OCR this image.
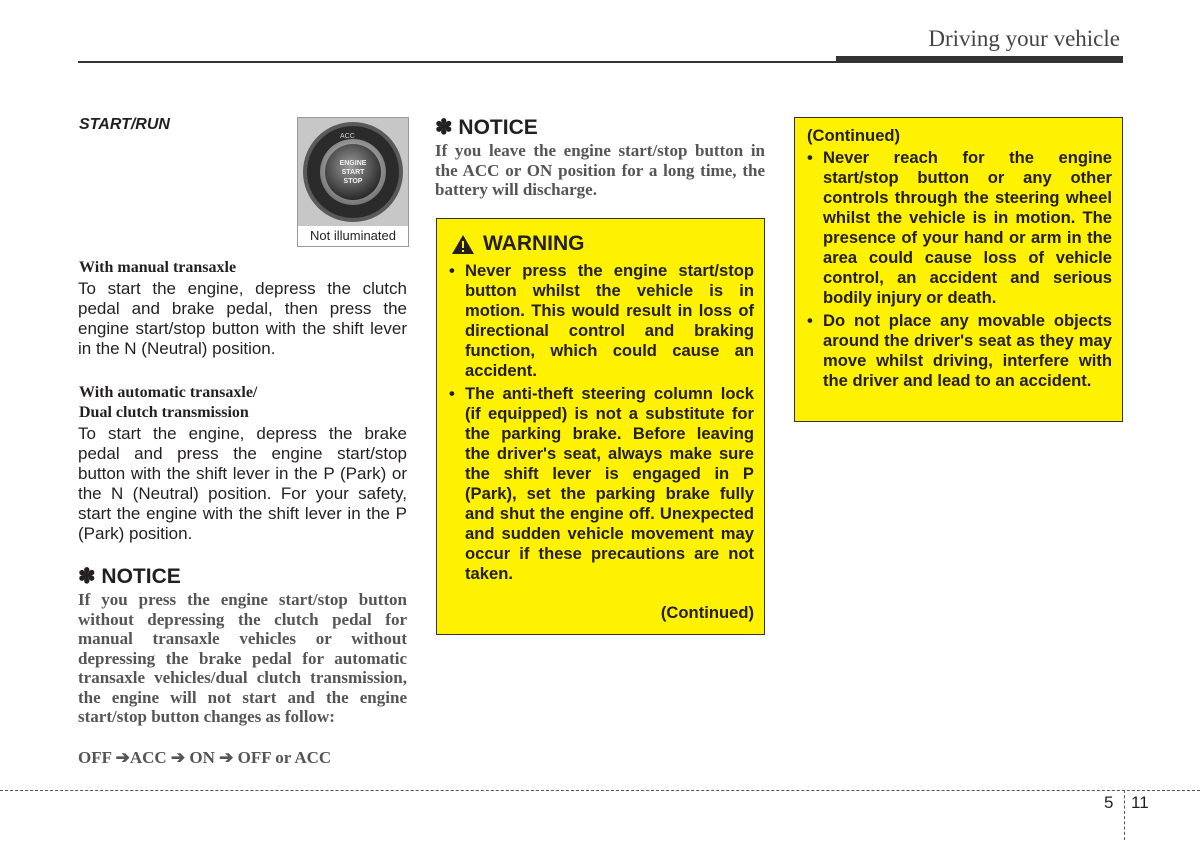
Driving your vehicle
START/RUN
ACC
ENGINE
START
STOP
Not illuminated
With manual transaxle
To start the engine, depress the clutch pedal and brake pedal, then press the engine start/stop button with the shift lever in the N (Neutral) position.
With automatic transaxle/
Dual clutch transmission
To start the engine, depress the brake pedal and press the engine start/stop button with the shift lever in the P (Park) or the N (Neutral) position. For your safety, start the engine with the shift lever in the P (Park) position.
✽ NOTICE
If you press the engine start/stop button without depressing the clutch pedal for manual transaxle vehicles or without depressing the brake pedal for automatic transaxle vehicles/dual clutch transmission, the engine will not start and the engine start/stop button changes as follow:
OFF ➔ACC ➔ ON ➔ OFF or ACC
✽ NOTICE
If you leave the engine start/stop button in the ACC or ON position for a long time, the battery will discharge.
WARNING
• Never press the engine start/stop button whilst the vehicle is in motion. This would result in loss of directional control and braking function, which could cause an accident.
• The anti-theft steering column lock (if equipped) is not a substitute for the parking brake. Before leaving the driver's seat, always make sure the shift lever is engaged in P (Park), set the parking brake fully and shut the engine off. Unexpected and sudden vehicle movement may occur if these precautions are not taken.
(Continued)
(Continued)
• Never reach for the engine start/stop button or any other controls through the steering wheel whilst the vehicle is in motion. The presence of your hand or arm in the area could cause loss of vehicle control, an accident and serious bodily injury or death.
• Do not place any movable objects around the driver's seat as they may move whilst driving, interfere with the driver and lead to an accident.
5 11
